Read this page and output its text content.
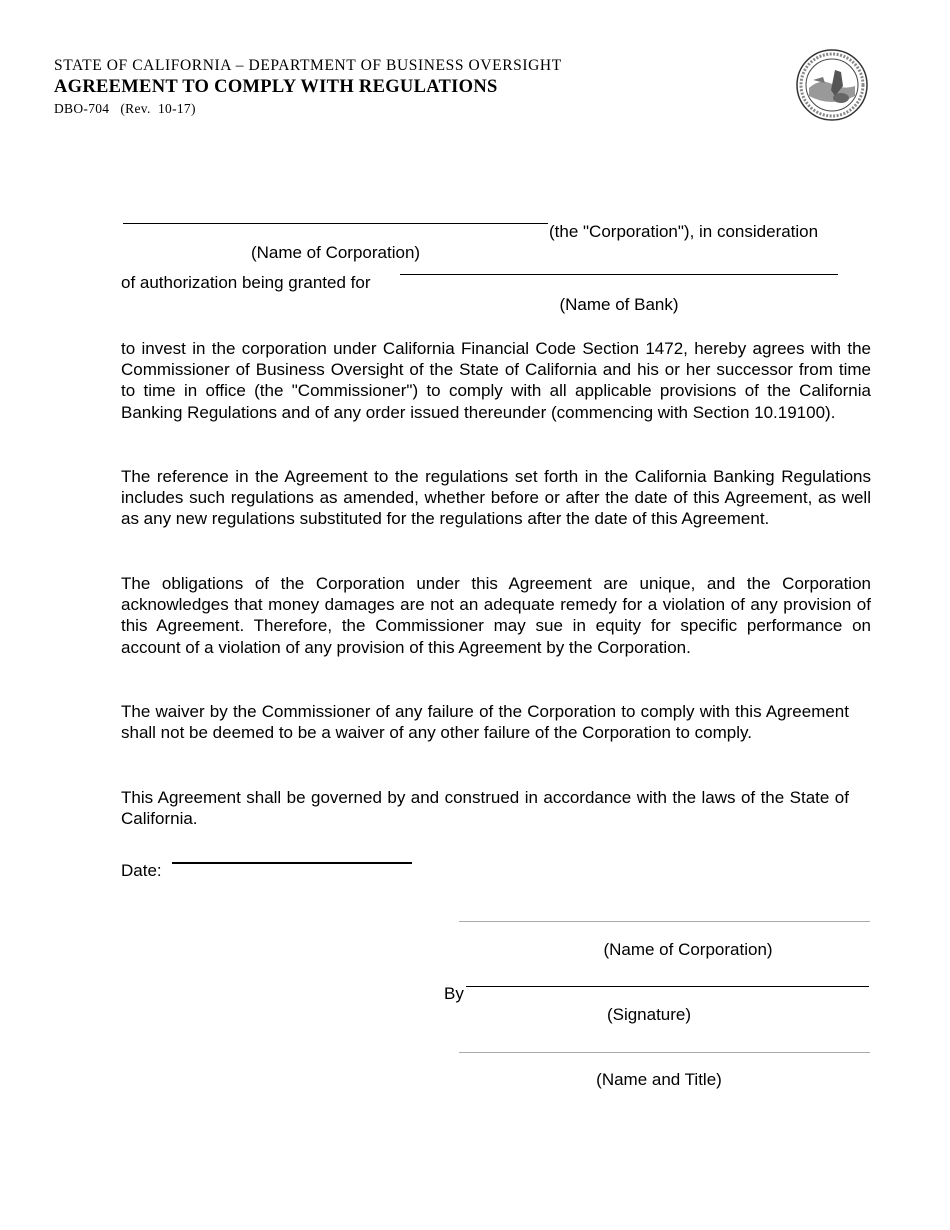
STATE OF CALIFORNIA – DEPARTMENT OF BUSINESS OVERSIGHT
AGREEMENT TO COMPLY WITH REGULATIONS
DBO-704   (Rev.  10-17)
(the "Corporation"), in consideration
(Name of Corporation)
of authorization being granted for
(Name of Bank)
to invest in the corporation under California Financial Code Section 1472, hereby agrees with the Commissioner of Business Oversight of the State of California and his or her successor from time to time in office (the "Commissioner") to comply with all applicable provisions of the California Banking Regulations and of any order issued thereunder (commencing with Section 10.19100).
The reference in the Agreement to the regulations set forth in the California Banking Regulations includes such regulations as amended, whether before or after the date of this Agreement, as well as any new regulations substituted for the regulations after the date of this Agreement.
The obligations of the Corporation under this Agreement are unique, and the Corporation acknowledges that money damages are not an adequate remedy for a violation of any provision of this Agreement. Therefore, the Commissioner may sue in equity for specific performance on account of a violation of any provision of this Agreement by the Corporation.
The waiver by the Commissioner of any failure of the Corporation to comply with this Agreement shall not be deemed to be a waiver of any other failure of the Corporation to comply.
This Agreement shall be governed by and construed in accordance with the laws of the State of California.
Date:
(Name of Corporation)
By
(Signature)
(Name and Title)
